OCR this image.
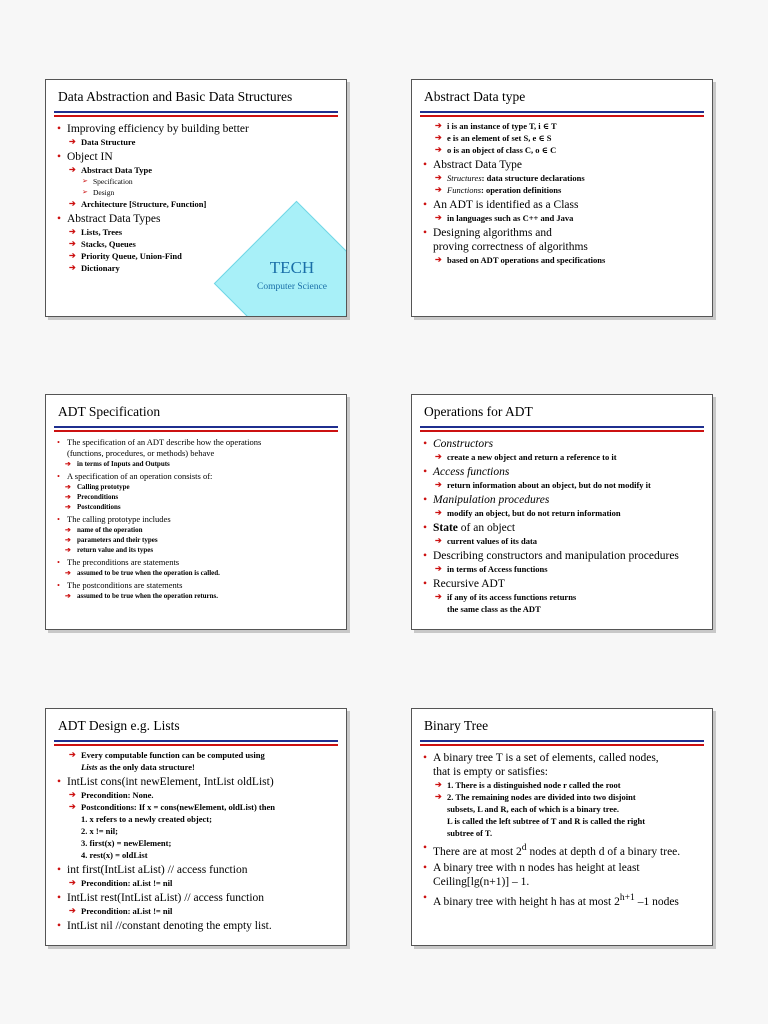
Data Abstraction and Basic Data Structures
TECH
Computer Science
• Improving efficiency by building better
➔ Data Structure
• Object IN
➔ Abstract Data Type
➢ Specification
➢ Design
➔ Architecture [Structure, Function]
• Abstract Data Types
➔ Lists, Trees
➔ Stacks, Queues
➔ Priority Queue, Union-Find
➔ Dictionary
Abstract Data type
➔ i is an instance of type T, i ∈ T
➔ e is an element of set S, e ∈ S
➔ o is an object of class C, o ∈ C
• Abstract Data Type
➔ Structures: data structure declarations
➔ Functions: operation definitions
• An ADT is identified as a Class
➔ in languages such as C++ and Java
• Designing algorithms and
proving correctness of algorithms
➔ based on ADT operations and specifications
ADT Specification
• The specification of an ADT describe how the operations
(functions, procedures, or methods) behave
➔ in terms of Inputs and Outputs
• A specification of an operation consists of:
➔ Calling prototype
➔ Preconditions
➔ Postconditions
• The calling prototype includes
➔ name of the operation
➔ parameters and their types
➔ return value and its types
• The preconditions are statements
➔ assumed to be true when the operation is called.
• The postconditions are statements
➔ assumed to be true when the operation returns.
Operations for ADT
• Constructors
➔ create a new object and return a reference to it
• Access functions
➔ return information about an object, but do not modify it
• Manipulation procedures
➔ modify an object, but do not return information
• State of an object
➔ current values of its data
• Describing constructors and manipulation procedures
➔ in terms of Access functions
• Recursive ADT
➔ if any of its access functions returns
the same class as the ADT
ADT Design e.g. Lists
➔ Every computable function can be computed using
Lists as the only data structure!
• IntList cons(int newElement, IntList oldList)
➔ Precondition: None.
➔ Postconditions: If x = cons(newElement, oldList) then
1. x refers to a newly created object;
2. x != nil;
3. first(x) = newElement;
4. rest(x) = oldList
• int first(IntList aList) // access function
➔ Precondition: aList != nil
• IntList rest(IntList aList) // access function
➔ Precondition: aList != nil
• IntList nil //constant denoting the empty list.
Binary Tree
• A binary tree T is a set of elements, called nodes,
that is empty or satisfies:
➔ 1. There is a distinguished node r called the root
➔ 2. The remaining nodes are divided into two disjoint
subsets, L and R, each of which is a binary tree.
L is called the left subtree of T and R is called the right
subtree of T.
• There are at most 2$^d$ nodes at depth d of a binary tree.
• A binary tree with n nodes has height at least
Ceiling[lg(n+1)] – 1.
• A binary tree with height h has at most $2^{h+1}$ –1 nodes
